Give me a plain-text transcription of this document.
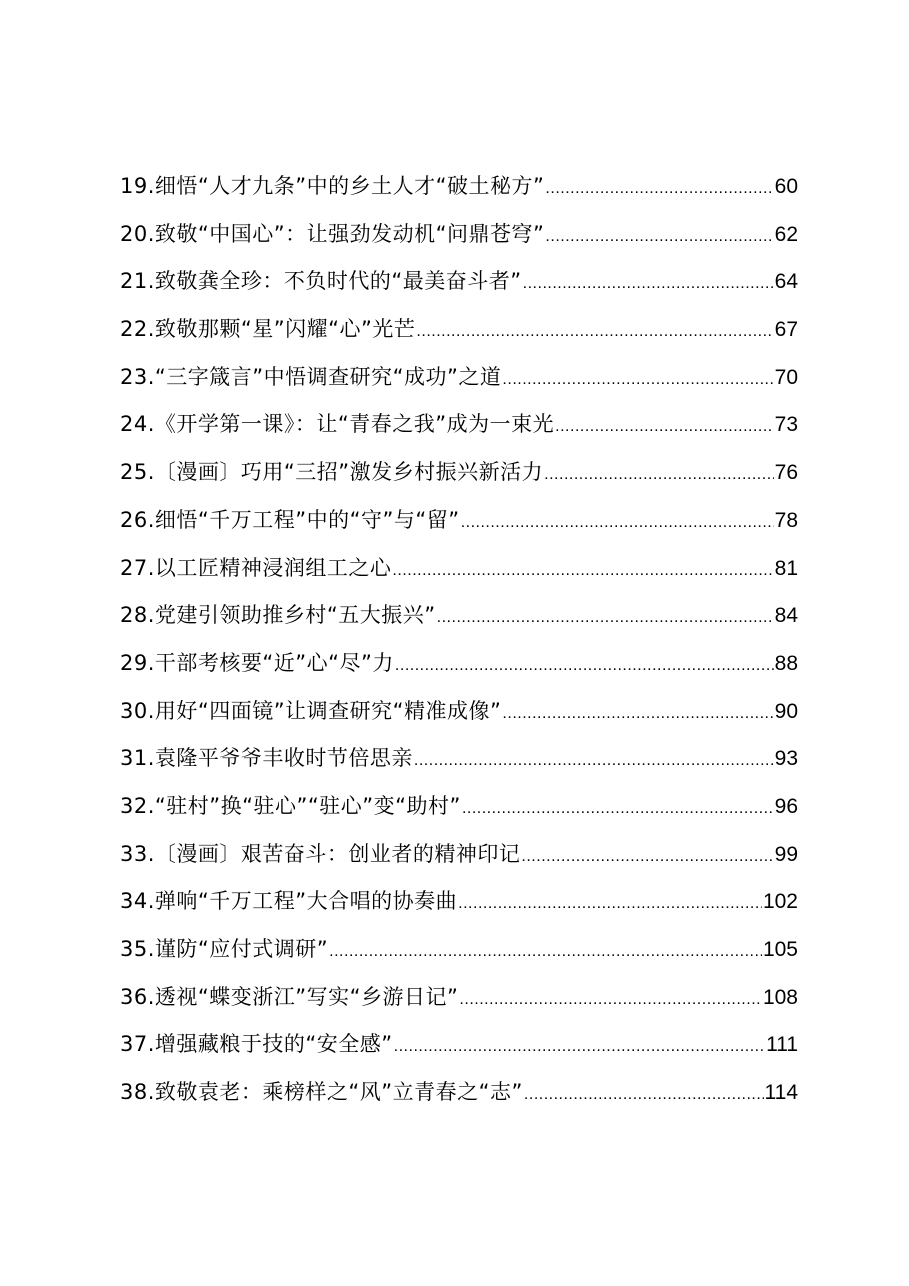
19.细悟“人才九条”中的乡土人才“破土秘方” .....	60
20.致敬“中国心”：让强劲发动机“问鼎苍穹” .....	62
21.致敬龚全珍：不负时代的“最美奋斗者” .....	64
22.致敬那颗“星”闪耀“心”光芒 .....	67
23.“三字箴言”中悟调查研究“成功”之道 .....	70
24.《开学第一课》：让“青春之我”成为一束光 .....	73
25.〔漫画〕巧用“三招”激发乡村振兴新活力 .....	76
26.细悟“千万工程”中的“守”与“留” .....	78
27.以工匠精神浸润组工之心 .....	81
28.党建引领助推乡村“五大振兴” .....	84
29.干部考核要“近”心“尽”力 .....	88
30.用好“四面镜”让调查研究“精准成像” .....	90
31.袁隆平爷爷丰收时节倍思亲 .....	93
32.“驻村”换“驻心”“驻心”变“助村” .....	96
33.〔漫画〕艰苦奋斗：创业者的精神印记 .....	99
34.弹响“千万工程”大合唱的协奏曲 .....	102
35.谨防“应付式调研” .....	105
36.透视“蝶变浙江”写实“乡游日记” .....	108
37.增强藏粮于技的“安全感” .....	111
38.致敬袁老：乘榜样之“风”立青春之“志” .....	114
